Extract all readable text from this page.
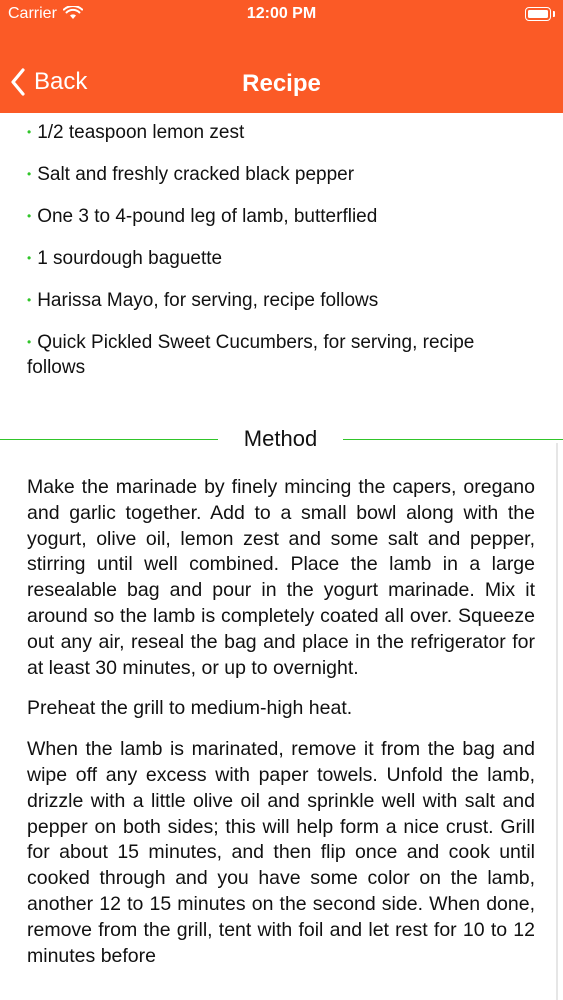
Carrier	12:00 PM
Back	Recipe
• 1/2 teaspoon lemon zest
• Salt and freshly cracked black pepper
• One 3 to 4-pound leg of lamb, butterflied
• 1 sourdough baguette
• Harissa Mayo, for serving, recipe follows
• Quick Pickled Sweet Cucumbers, for serving, recipe follows
Method

Make the marinade by finely mincing the capers, oregano and garlic together. Add to a small bowl along with the yogurt, olive oil, lemon zest and some salt and pepper, stirring until well combined. Place the lamb in a large resealable bag and pour in the yogurt marinade. Mix it around so the lamb is completely coated all over. Squeeze out any air, reseal the bag and place in the refrigerator for at least 30 minutes, or up to overnight.

Preheat the grill to medium-high heat.

When the lamb is marinated, remove it from the bag and wipe off any excess with paper towels. Unfold the lamb, drizzle with a little olive oil and sprinkle well with salt and pepper on both sides; this will help form a nice crust. Grill for about 15 minutes, and then flip once and cook until cooked through and you have some color on the lamb, another 12 to 15 minutes on the second side. When done, remove from the grill, tent with foil and let rest for 10 to 12 minutes before
